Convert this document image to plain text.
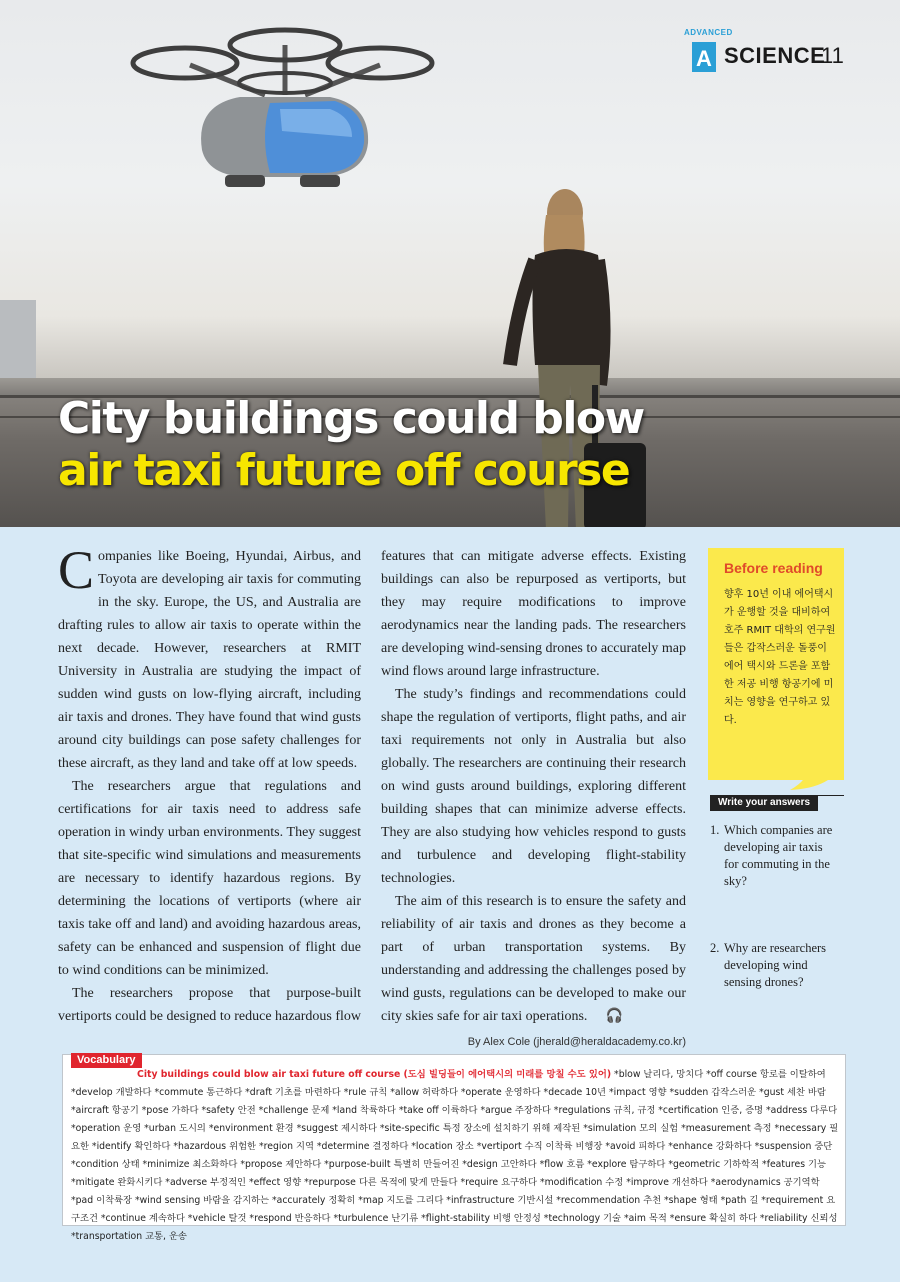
ADVANCED
A SCIENCE
11
City buildings could blow
air taxi future off course

Companies like Boeing, Hyundai, Airbus, and Toyota are developing air taxis for commuting in the sky. Europe, the US, and Australia are drafting rules to allow air taxis to operate within the next decade. However, researchers at RMIT University in Australia are studying the impact of sudden wind gusts on low-flying aircraft, including air taxis and drones. They have found that wind gusts around city buildings can pose safety challenges for these aircraft, as they land and take off at low speeds.

The researchers argue that regulations and certifications for air taxis need to address safe operation in windy urban environments. They suggest that site-specific wind simulations and measurements are necessary to identify hazardous regions. By determining the locations of vertiports (where air taxis take off and land) and avoiding hazardous areas, safety can be enhanced and suspension of flight due to wind conditions can be minimized.

The researchers propose that purpose-built vertiports could be designed to reduce hazardous flow

features that can mitigate adverse effects. Existing buildings can also be repurposed as vertiports, but they may require modifications to improve aerodynamics near the landing pads. The researchers are developing wind-sensing drones to accurately map wind flows around large infrastructure.

The study’s findings and recommendations could shape the regulation of vertiports, flight paths, and air taxi requirements not only in Australia but also globally. The researchers are continuing their research on wind gusts around buildings, exploring different building shapes that can minimize adverse effects. They are also studying how vehicles respond to gusts and turbulence and developing flight-stability technologies.

The aim of this research is to ensure the safety and reliability of air taxis and drones as they become a part of urban transportation systems. By understanding and addressing the challenges posed by wind gusts, regulations can be developed to make our city skies safe for air taxi operations. 🎧

By Alex Cole (jherald@heraldacademy.co.kr)
Before reading
향후 10년 이내 에어택시가 운행할 것을 대비하여 호주 RMIT 대학의 연구원들은 갑작스러운 돌풍이 에어 택시와 드론을 포함한 저공 비행 항공기에 미치는 영향을 연구하고 있다.
Write your answers
1. Which companies are developing air taxis for commuting in the sky?
2. Why are researchers developing wind sensing drones?
Vocabulary
City buildings could blow air taxi future off course (도심 빌딩들이 에어택시의 미래를 망칠 수도 있어) *blow 날리다, 망치다 *off course 항로를 이탈하여 *develop 개발하다 *commute 통근하다 *draft 기초를 마련하다 *rule 규칙 *allow 허락하다 *operate 운영하다 *decade 10년 *impact 영향 *sudden 갑작스러운 *gust 세찬 바람 *aircraft 항공기 *pose 가하다 *safety 안전 *challenge 문제 *land 착륙하다 *take off 이륙하다 *argue 주장하다 *regulations 규칙, 규정 *certification 인증, 증명 *address 다루다 *operation 운영 *urban 도시의 *environment 환경 *suggest 제시하다 *site-specific 특정 장소에 설치하기 위해 제작된 *simulation 모의 실험 *measurement 측정 *necessary 필요한 *identify 확인하다 *hazardous 위험한 *region 지역 *determine 결정하다 *location 장소 *vertiport 수직 이착륙 비행장 *avoid 피하다 *enhance 강화하다 *suspension 중단 *condition 상태 *minimize 최소화하다 *propose 제안하다 *purpose-built 특별히 만들어진 *design 고안하다 *flow 흐름 *explore 탐구하다 *geometric 기하학적 *features 기능 *mitigate 완화시키다 *adverse 부정적인 *effect 영향 *repurpose 다른 목적에 맞게 만들다 *require 요구하다 *modification 수정 *improve 개선하다 *aerodynamics 공기역학 *pad 이착륙장 *wind sensing 바람을 감지하는 *accurately 정확히 *map 지도를 그리다 *infrastructure 기반시설 *recommendation 추천 *shape 형태 *path 길 *requirement 요구조건 *continue 계속하다 *vehicle 탈것 *respond 반응하다 *turbulence 난기류 *flight-stability 비행 안정성 *technology 기술 *aim 목적 *ensure 확실히 하다 *reliability 신뢰성 *transportation 교통, 운송
